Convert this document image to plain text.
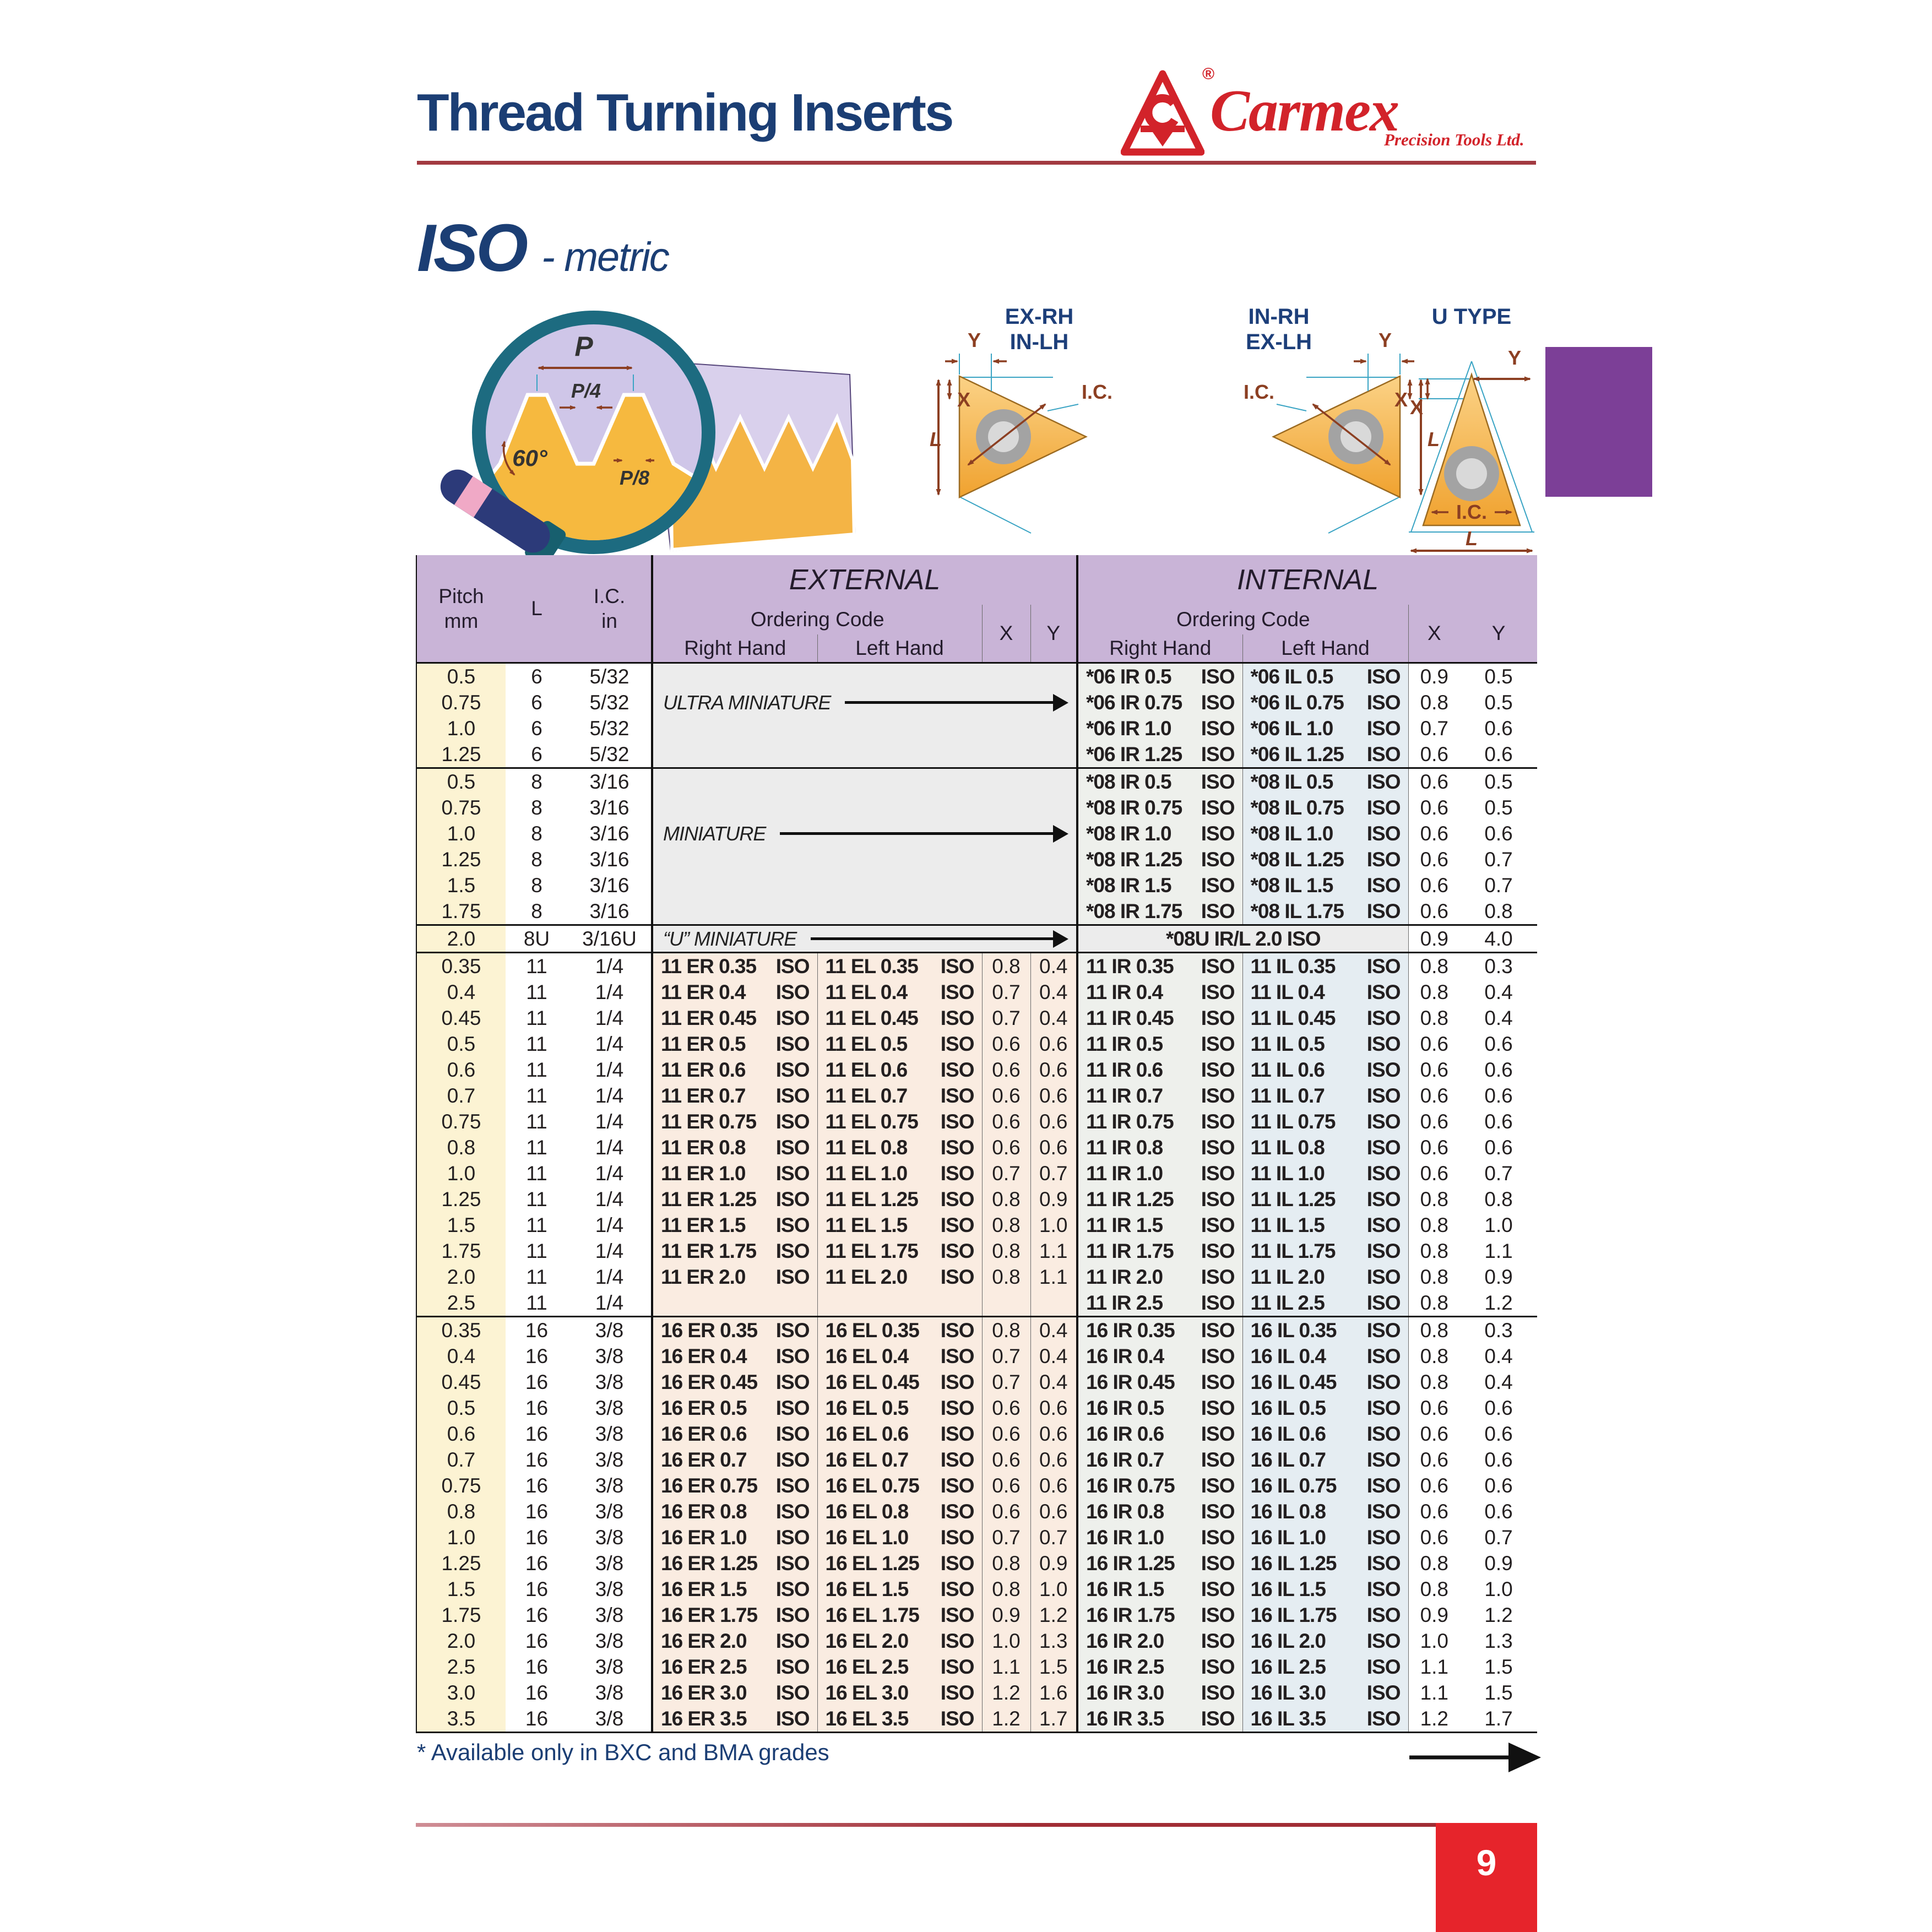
Thread Turning Inserts
®
Carmex
Precision Tools Ltd.
ISO - metric
P
P/4
60°
P/8
EX-RH
IN-LH
L
Y
X	I.C.
IN-RH
EX-LH
L
Y
X
I.C.
U TYPE
Y
X
I.C.
L
Pitch
mm

L

I.C.
in
	EXTERNAL	INTERNAL
			Ordering Code		X	Y	Ordering Code		X	Y
			Right Hand	Left Hand			Right Hand	Left Hand		
0.5	6	5/32	ULTRA MINIATURE				*06 IR 0.5 ISO	*06 IL 0.5 ISO	0.9	0.5
0.75	6	5/32					*06 IR 0.75 ISO	*06 IL 0.75 ISO	0.8	0.5
1.0	6	5/32					*06 IR 1.0 ISO	*06 IL 1.0 ISO	0.7	0.6
1.25	6	5/32					*06 IR 1.25 ISO	*06 IL 1.25 ISO	0.6	0.6
0.5	8	3/16	MINIATURE				*08 IR 0.5 ISO	*08 IL 0.5 ISO	0.6	0.5
0.75	8	3/16					*08 IR 0.75 ISO	*08 IL 0.75 ISO	0.6	0.5
1.0	8	3/16					*08 IR 1.0 ISO	*08 IL 1.0 ISO	0.6	0.6
1.25	8	3/16					*08 IR 1.25 ISO	*08 IL 1.25 ISO	0.6	0.7
1.5	8	3/16					*08 IR 1.5 ISO	*08 IL 1.5 ISO	0.6	0.7
1.75	8	3/16					*08 IR 1.75 ISO	*08 IL 1.75 ISO	0.6	0.8
2.0	8U	3/16U	“U” MINIATURE				*08U IR/L 2.0 ISO		0.9	4.0
0.35	11	1/4	11 ER 0.35 ISO	11 EL 0.35 ISO	0.8	0.4	11 IR 0.35 ISO	11 IL 0.35 ISO	0.8	0.3
0.4	11	1/4	11 ER 0.4 ISO	11 EL 0.4 ISO	0.7	0.4	11 IR 0.4 ISO	11 IL 0.4 ISO	0.8	0.4
0.45	11	1/4	11 ER 0.45 ISO	11 EL 0.45 ISO	0.7	0.4	11 IR 0.45 ISO	11 IL 0.45 ISO	0.8	0.4
0.5	11	1/4	11 ER 0.5 ISO	11 EL 0.5 ISO	0.6	0.6	11 IR 0.5 ISO	11 IL 0.5 ISO	0.6	0.6
0.6	11	1/4	11 ER 0.6 ISO	11 EL 0.6 ISO	0.6	0.6	11 IR 0.6 ISO	11 IL 0.6 ISO	0.6	0.6
0.7	11	1/4	11 ER 0.7 ISO	11 EL 0.7 ISO	0.6	0.6	11 IR 0.7 ISO	11 IL 0.7 ISO	0.6	0.6
0.75	11	1/4	11 ER 0.75 ISO	11 EL 0.75 ISO	0.6	0.6	11 IR 0.75 ISO	11 IL 0.75 ISO	0.6	0.6
0.8	11	1/4	11 ER 0.8 ISO	11 EL 0.8 ISO	0.6	0.6	11 IR 0.8 ISO	11 IL 0.8 ISO	0.6	0.6
1.0	11	1/4	11 ER 1.0 ISO	11 EL 1.0 ISO	0.7	0.7	11 IR 1.0 ISO	11 IL 1.0 ISO	0.6	0.7
1.25	11	1/4	11 ER 1.25 ISO	11 EL 1.25 ISO	0.8	0.9	11 IR 1.25 ISO	11 IL 1.25 ISO	0.8	0.8
1.5	11	1/4	11 ER 1.5 ISO	11 EL 1.5 ISO	0.8	1.0	11 IR 1.5 ISO	11 IL 1.5 ISO	0.8	1.0
1.75	11	1/4	11 ER 1.75 ISO	11 EL 1.75 ISO	0.8	1.1	11 IR 1.75 ISO	11 IL 1.75 ISO	0.8	1.1
2.0	11	1/4	11 ER 2.0 ISO	11 EL 2.0 ISO	0.8	1.1	11 IR 2.0 ISO	11 IL 2.0 ISO	0.8	0.9
2.5	11	1/4					11 IR 2.5 ISO	11 IL 2.5 ISO	0.8	1.2
0.35	16	3/8	16 ER 0.35 ISO	16 EL 0.35 ISO	0.8	0.4	16 IR 0.35 ISO	16 IL 0.35 ISO	0.8	0.3
0.4	16	3/8	16 ER 0.4 ISO	16 EL 0.4 ISO	0.7	0.4	16 IR 0.4 ISO	16 IL 0.4 ISO	0.8	0.4
0.45	16	3/8	16 ER 0.45 ISO	16 EL 0.45 ISO	0.7	0.4	16 IR 0.45 ISO	16 IL 0.45 ISO	0.8	0.4
0.5	16	3/8	16 ER 0.5 ISO	16 EL 0.5 ISO	0.6	0.6	16 IR 0.5 ISO	16 IL 0.5 ISO	0.6	0.6
0.6	16	3/8	16 ER 0.6 ISO	16 EL 0.6 ISO	0.6	0.6	16 IR 0.6 ISO	16 IL 0.6 ISO	0.6	0.6
0.7	16	3/8	16 ER 0.7 ISO	16 EL 0.7 ISO	0.6	0.6	16 IR 0.7 ISO	16 IL 0.7 ISO	0.6	0.6
0.75	16	3/8	16 ER 0.75 ISO	16 EL 0.75 ISO	0.6	0.6	16 IR 0.75 ISO	16 IL 0.75 ISO	0.6	0.6
0.8	16	3/8	16 ER 0.8 ISO	16 EL 0.8 ISO	0.6	0.6	16 IR 0.8 ISO	16 IL 0.8 ISO	0.6	0.6
1.0	16	3/8	16 ER 1.0 ISO	16 EL 1.0 ISO	0.7	0.7	16 IR 1.0 ISO	16 IL 1.0 ISO	0.6	0.7
1.25	16	3/8	16 ER 1.25 ISO	16 EL 1.25 ISO	0.8	0.9	16 IR 1.25 ISO	16 IL 1.25 ISO	0.8	0.9
1.5	16	3/8	16 ER 1.5 ISO	16 EL 1.5 ISO	0.8	1.0	16 IR 1.5 ISO	16 IL 1.5 ISO	0.8	1.0
1.75	16	3/8	16 ER 1.75 ISO	16 EL 1.75 ISO	0.9	1.2	16 IR 1.75 ISO	16 IL 1.75 ISO	0.9	1.2
2.0	16	3/8	16 ER 2.0 ISO	16 EL 2.0 ISO	1.0	1.3	16 IR 2.0 ISO	16 IL 2.0 ISO	1.0	1.3
2.5	16	3/8	16 ER 2.5 ISO	16 EL 2.5 ISO	1.1	1.5	16 IR 2.5 ISO	16 IL 2.5 ISO	1.1	1.5
3.0	16	3/8	16 ER 3.0 ISO	16 EL 3.0 ISO	1.2	1.6	16 IR 3.0 ISO	16 IL 3.0 ISO	1.1	1.5
3.5	16	3/8	16 ER 3.5 ISO	16 EL 3.5 ISO	1.2	1.7	16 IR 3.5 ISO	16 IL 3.5 ISO	1.2	1.7
* Available only in BXC and BMA grades
9
